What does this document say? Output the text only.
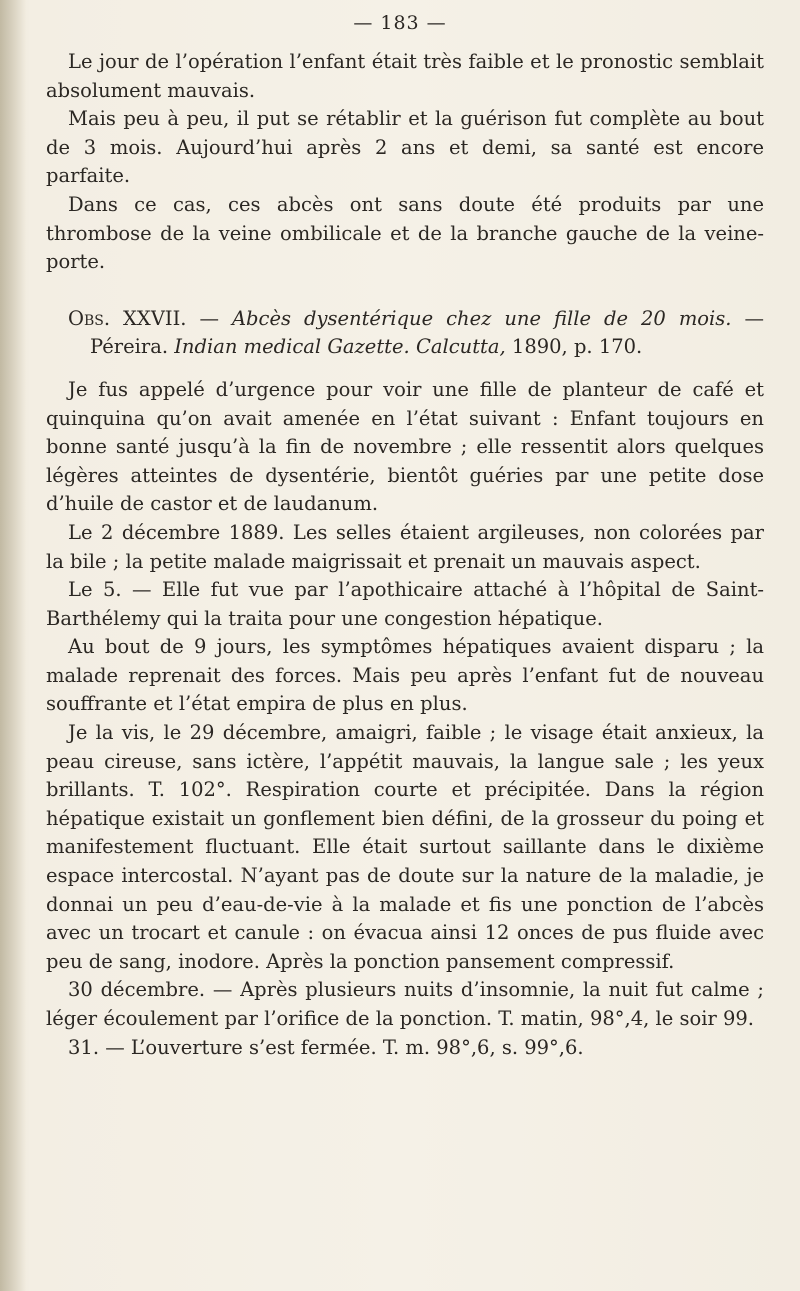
— 183 —

Le jour de l’opération l’enfant était très faible et le pronostic semblait absolument mauvais.

Mais peu à peu, il put se rétablir et la guérison fut complète au bout de 3 mois. Aujourd’hui après 2 ans et demi, sa santé est encore parfaite.

Dans ce cas, ces abcès ont sans doute été produits par une thrombose de la veine ombilicale et de la branche gauche de la veine-porte.

Obs. XXVII. — Abcès dysentérique chez une fille de 20 mois. — Péreira. Indian medical Gazette. Calcutta, 1890, p. 170.

Je fus appelé d’urgence pour voir une fille de planteur de café et quinquina qu’on avait amenée en l’état suivant : Enfant toujours en bonne santé jusqu’à la fin de novembre ; elle ressentit alors quelques légères atteintes de dysentérie, bientôt guéries par une petite dose d’huile de castor et de laudanum.

Le 2 décembre 1889. Les selles étaient argileuses, non colorées par la bile ; la petite malade maigrissait et prenait un mauvais aspect.

Le 5. — Elle fut vue par l’apothicaire attaché à l’hôpital de Saint-Barthélemy qui la traita pour une congestion hépatique.

Au bout de 9 jours, les symptômes hépatiques avaient disparu ; la malade reprenait des forces. Mais peu après l’enfant fut de nouveau souffrante et l’état empira de plus en plus.

Je la vis, le 29 décembre, amaigri, faible ; le visage était anxieux, la peau cireuse, sans ictère, l’appétit mauvais, la langue sale ; les yeux brillants. T. 102°. Respiration courte et précipitée. Dans la région hépatique existait un gonflement bien défini, de la grosseur du poing et manifestement fluctuant. Elle était surtout saillante dans le dixième espace intercostal. N’ayant pas de doute sur la nature de la maladie, je donnai un peu d’eau-de-vie à la malade et fis une ponction de l’abcès avec un trocart et canule : on évacua ainsi 12 onces de pus fluide avec peu de sang, inodore. Après la ponction pansement compressif.

30 décembre. — Après plusieurs nuits d’insomnie, la nuit fut calme ; léger écoulement par l’orifice de la ponction. T. matin, 98°,4, le soir 99.

31. — L’ouverture s’est fermée. T. m. 98°,6, s. 99°,6.
